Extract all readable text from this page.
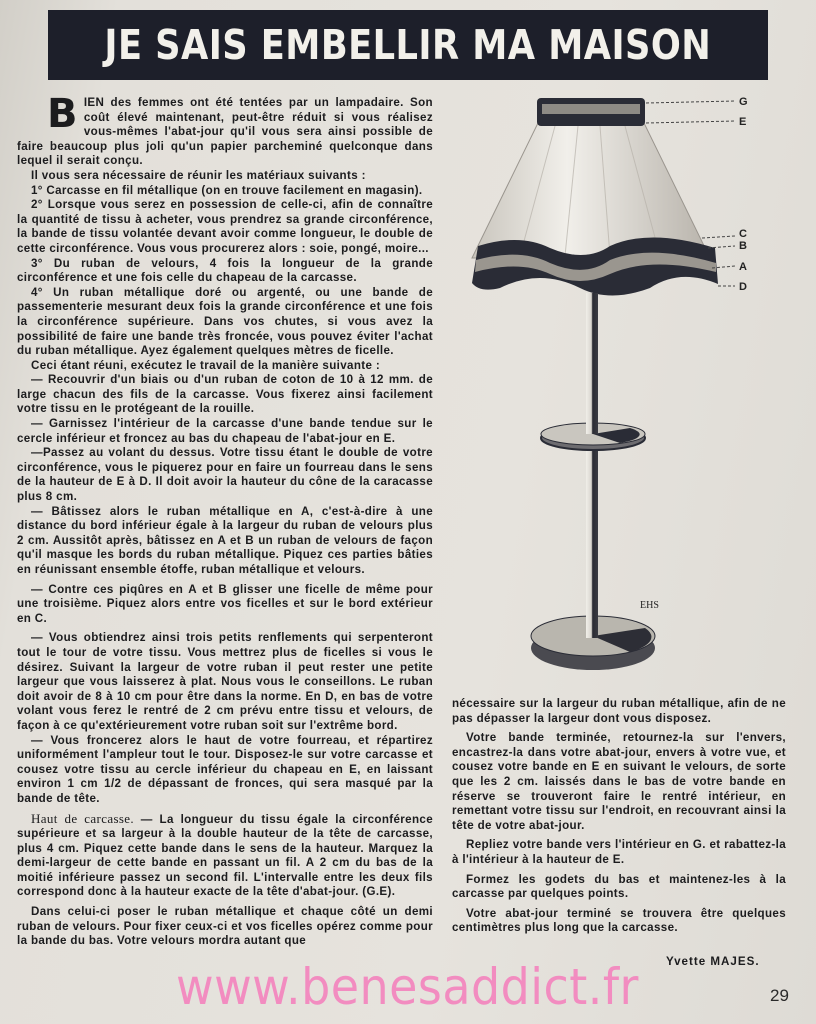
JE SAIS EMBELLIR MA MAISON

BIEN des femmes ont été tentées par un lampadaire. Son coût élevé maintenant, peut-être réduit si vous réalisez vous-mêmes l'abat-jour qu'il vous sera ainsi possible de faire beaucoup plus joli qu'un papier parcheminé quelconque dans lequel il serait conçu.

Il vous sera nécessaire de réunir les matériaux suivants :

1° Carcasse en fil métallique (on en trouve facilement en magasin).

2° Lorsque vous serez en possession de celle-ci, afin de connaître la quantité de tissu à acheter, vous prendrez sa grande circonférence, la bande de tissu volantée devant avoir comme longueur, le double de cette circonférence. Vous vous procurerez alors : soie, pongé, moire...

3° Du ruban de velours, 4 fois la longueur de la grande circonférence et une fois celle du chapeau de la carcasse.

4° Un ruban métallique doré ou argenté, ou une bande de passementerie mesurant deux fois la grande circonférence et une fois la circonférence supérieure. Dans vos chutes, si vous avez la possibilité de faire une bande très froncée, vous pouvez éviter l'achat du ruban métallique. Ayez également quelques mètres de ficelle.

Ceci étant réuni, exécutez le travail de la manière suivante :

— Recouvrir d'un biais ou d'un ruban de coton de 10 à 12 mm. de large chacun des fils de la carcasse. Vous fixerez ainsi facilement votre tissu en le protégeant de la rouille.

— Garnissez l'intérieur de la carcasse d'une bande tendue sur le cercle inférieur et froncez au bas du chapeau de l'abat-jour en E.

—Passez au volant du dessus. Votre tissu étant le double de votre circonférence, vous le piquerez pour en faire un fourreau dans le sens de la hauteur de E à D. Il doit avoir la hauteur du cône de la caracasse plus 8 cm.

— Bâtissez alors le ruban métallique en A, c'est-à-dire à une distance du bord inférieur égale à la largeur du ruban de velours plus 2 cm. Aussitôt après, bâtissez en A et B un ruban de velours de façon qu'il masque les bords du ruban métallique. Piquez ces parties bâties en réunissant ensemble étoffe, ruban métallique et velours.

— Contre ces piqûres en A et B glisser une ficelle de même pour une troisième. Piquez alors entre vos ficelles et sur le bord extérieur en C.

— Vous obtiendrez ainsi trois petits renflements qui serpenteront tout le tour de votre tissu. Vous mettrez plus de ficelles si vous le désirez. Suivant la largeur de votre ruban il peut rester une petite largeur que vous laisserez à plat. Nous vous le conseillons. Le ruban doit avoir de 8 à 10 cm pour être dans la norme. En D, en bas de votre volant vous ferez le rentré de 2 cm prévu entre tissu et velours, de façon à ce qu'extérieurement votre ruban soit sur l'extrême bord.

— Vous froncerez alors le haut de votre fourreau, et répartirez uniformément l'ampleur tout le tour. Disposez-le sur votre carcasse et cousez votre tissu au cercle inférieur du chapeau en E, en laissant environ 1 cm 1/2 de dépassant de fronces, qui sera masqué par la bande de tête.

Haut de carcasse. — La longueur du tissu égale la circonférence supérieure et sa largeur à la double hauteur de la tête de carcasse, plus 4 cm. Piquez cette bande dans le sens de la hauteur. Marquez la demi-largeur de cette bande en passant un fil. A 2 cm du bas de la moitié inférieure passez un second fil. L'intervalle entre les deux fils correspond donc à la hauteur exacte de la tête d'abat-jour. (G.E).

Dans celui-ci poser le ruban métallique et chaque côté un demi ruban de velours. Pour fixer ceux-ci et vos ficelles opérez comme pour la bande du bas. Votre velours mordra autant que

EHS
G
E
C
B
A
D

nécessaire sur la largeur du ruban métallique, afin de ne pas dépasser la largeur dont vous disposez.

Votre bande terminée, retournez-la sur l'envers, encastrez-la dans votre abat-jour, envers à votre vue, et cousez votre bande en E en suivant le velours, de sorte que les 2 cm. laissés dans le bas de votre bande en réserve se trouveront faire le rentré intérieur, en remettant votre tissu sur l'endroit, en recouvrant ainsi la tête de votre abat-jour.

Repliez votre bande vers l'intérieur en G. et rabattez-la à l'intérieur à la hauteur de E.

Formez les godets du bas et maintenez-les à la carcasse par quelques points.

Votre abat-jour terminé se trouvera être quelques centimètres plus long que la carcasse.

Yvette MAJES.
www.benesaddict.fr	29
